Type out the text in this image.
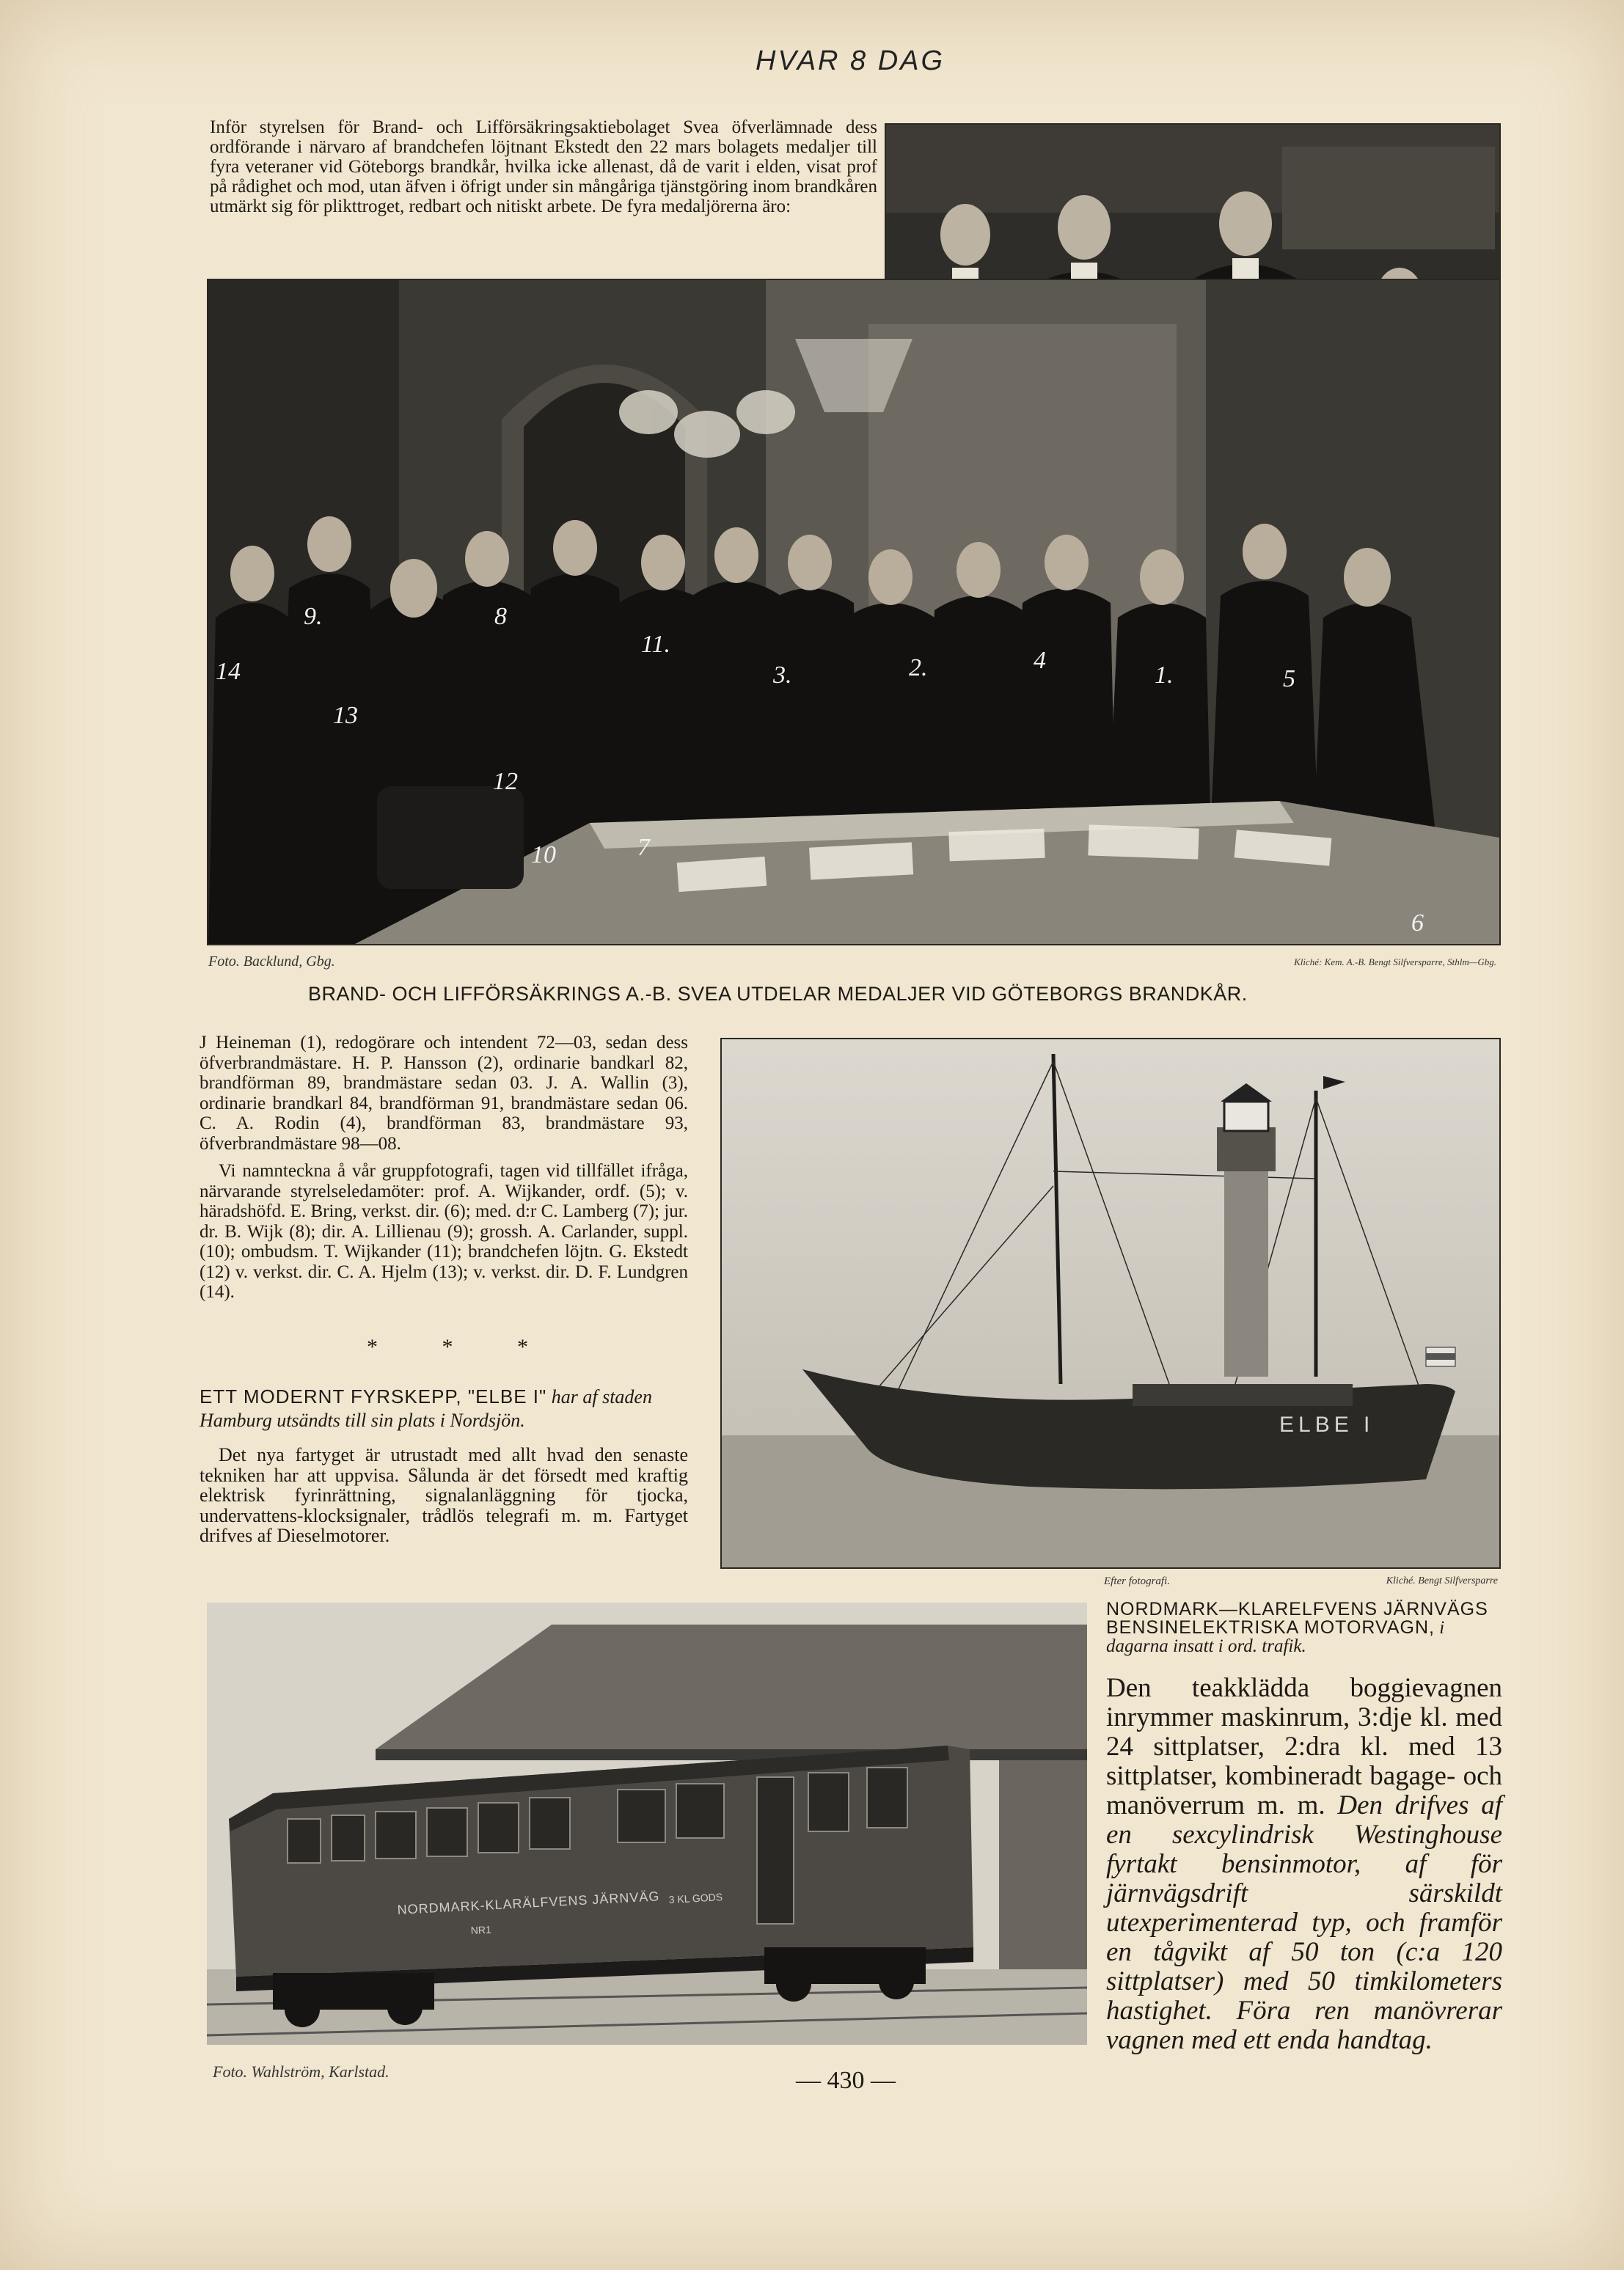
HVAR 8 DAG

Inför styrelsen för Brand- och Lifförsäkringsaktiebolaget Svea öfverlämnade dess ordförande i närvaro af brandchefen löjtnant Ekstedt den 22 mars bolagets medaljer till fyra veteraner vid Göteborgs brandkår, hvilka icke allenast, då de varit i elden, visat prof på rådighet och mod, utan äfven i öfrigt under sin mångåriga tjänstgöring inom brandkåren utmärkt sig för plikttroget, redbart och nitiskt arbete. De fyra medaljörerna äro:

9.	8
11.
14
13
12
10	7
3.	2.	4
1.	5
6
Foto. Backlund, Gbg.	Kliché: Kem. A.-B. Bengt Silfversparre, Sthlm—Gbg.
BRAND- OCH LIFFÖRSÄKRINGS A.-B. SVEA UTDELAR MEDALJER VID GÖTEBORGS BRANDKÅR.

J Heineman (1), redogörare och intendent 72—03, sedan dess öfverbrandmästare. H. P. Hansson (2), ordinarie bandkarl 82, brandförman 89, brandmästare sedan 03. J. A. Wallin (3), ordinarie brandkarl 84, brandförman 91, brandmästare sedan 06. C. A. Rodin (4), brandförman 83, brandmästare 93, öfverbrandmästare 98—08.

Vi namnteckna å vår gruppfotografi, tagen vid tillfället ifråga, närvarande styrelseledamöter: prof. A. Wijkander, ordf. (5); v. häradshöfd. E. Bring, verkst. dir. (6); med. d:r C. Lamberg (7); jur. dr. B. Wijk (8); dir. A. Lillienau (9); grossh. A. Carlander, suppl. (10); ombudsm. T. Wijkander (11); brandchefen löjtn. G. Ekstedt (12) v. verkst. dir. C. A. Hjelm (13); v. verkst. dir. D. F. Lundgren (14).

* * *
ETT MODERNT FYRSKEPP, "ELBE I" har af staden Hamburg utsändts till sin plats i Nordsjön.

Det nya fartyget är utrustadt med allt hvad den senaste tekniken har att uppvisa. Sålunda är det försedt med kraftig elektrisk fyrinrättning, signalanläggning för tjocka, undervattens-klocksignaler, trådlös telegrafi m. m. Fartyget drifves af Dieselmotorer.

ELBE I
Efter fotografi.	Kliché. Bengt Silfversparre
NORDMARK—KLARELFVENS JÄRNVÄGS BENSINELEKTRISKA MOTORVAGN, i dagarna insatt i ord. trafik.
Den teakklädda boggievagnen inrymmer maskinrum, 3:dje kl. med 24 sittplatser, 2:dra kl. med 13 sittplatser, kombineradt bagage- och manöverrum m. m. Den drifves af en sexcylindrisk Westinghouse fyrtakt bensinmotor, af för järnvägsdrift särskildt utexperimenterad typ, och framför en tågvikt af 50 ton (c:a 120 sittplatser) med 50 timkilometers hastighet. Föra ren manövrerar vagnen med ett enda handtag.
NORDMARK-KLARÄLFVENS JÄRNVÄG
NR1
3 KL GODS
Foto. Wahlström, Karlstad.	— 430 —
